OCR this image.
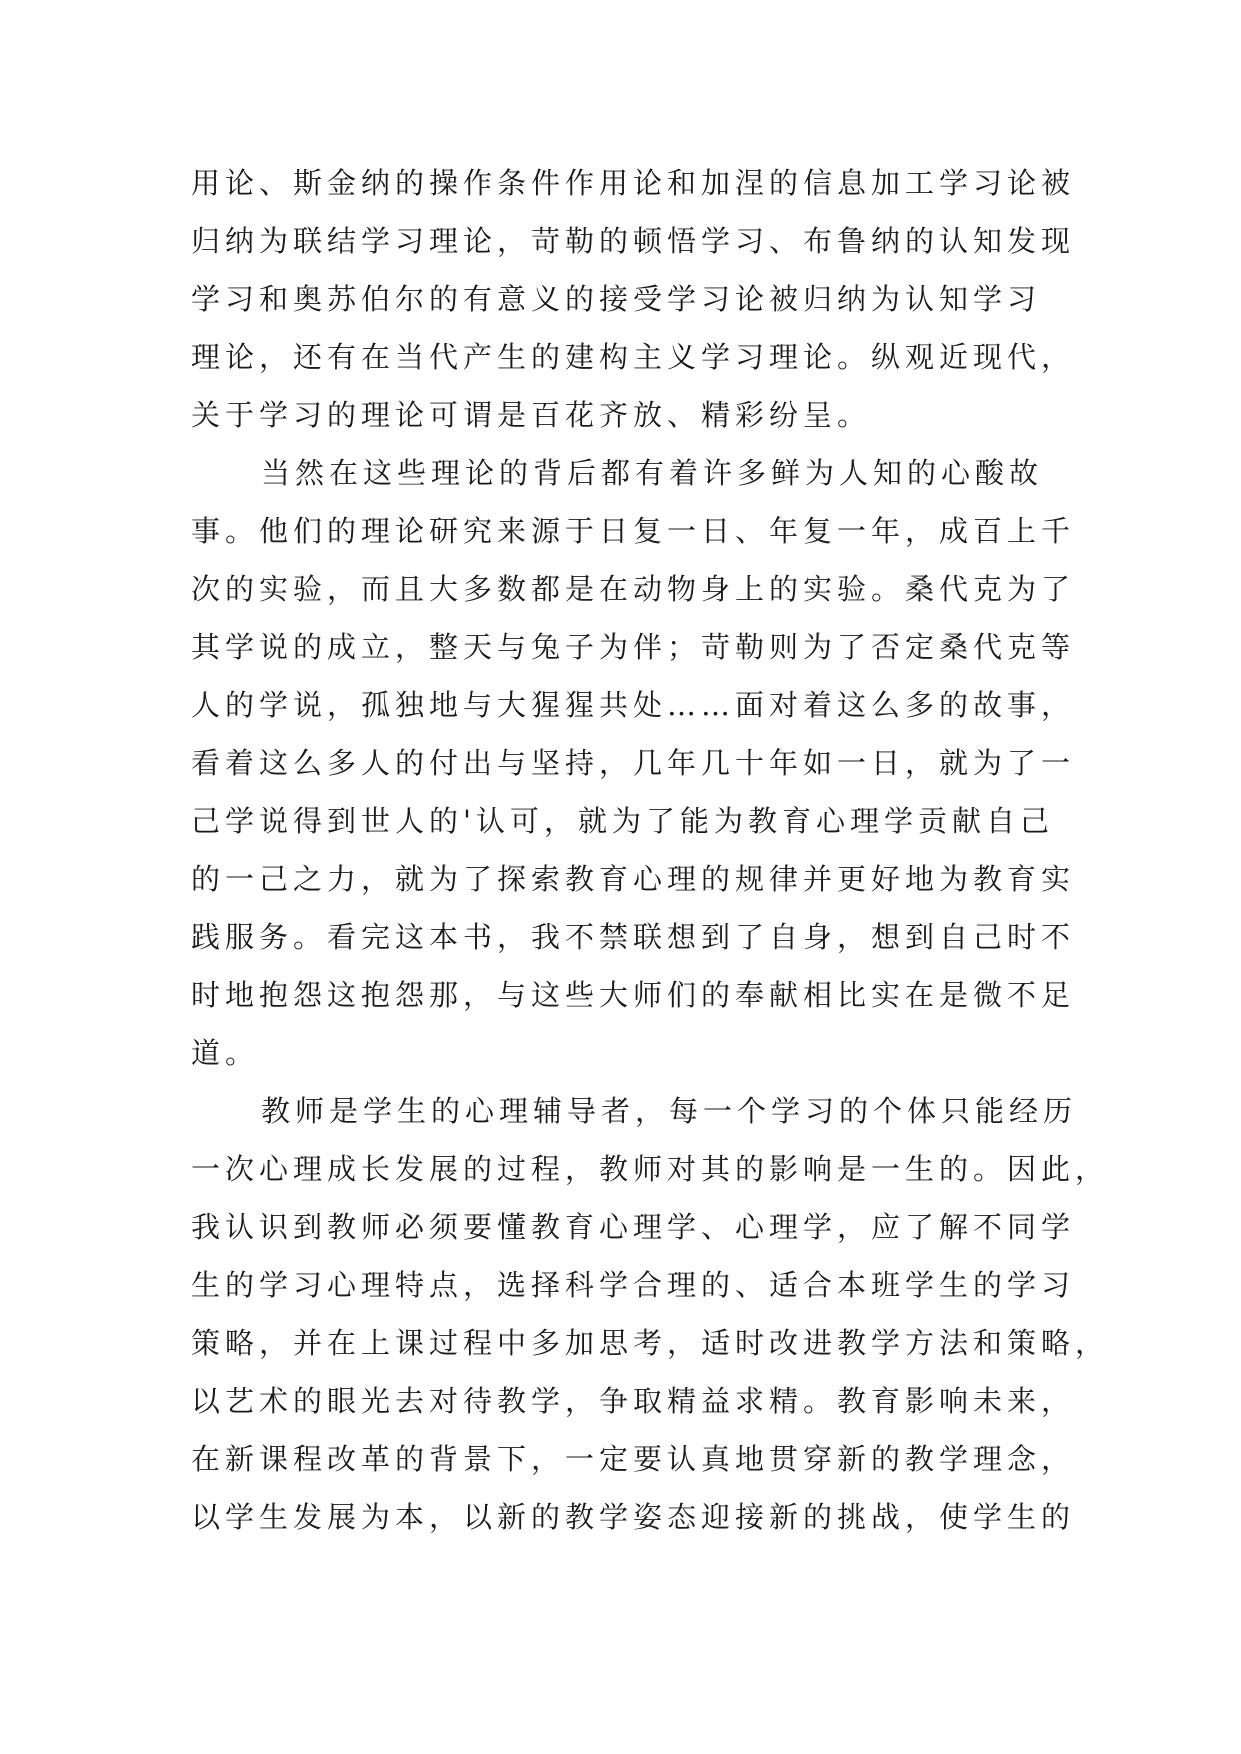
用论、斯金纳的操作条件作用论和加涅的信息加工学习论被
归纳为联结学习理论，苛勒的顿悟学习、布鲁纳的认知发现
学习和奥苏伯尔的有意义的接受学习论被归纳为认知学习
理论，还有在当代产生的建构主义学习理论。纵观近现代，
关于学习的理论可谓是百花齐放、精彩纷呈。
当然在这些理论的背后都有着许多鲜为人知的心酸故
事。他们的理论研究来源于日复一日、年复一年，成百上千
次的实验，而且大多数都是在动物身上的实验。桑代克为了
其学说的成立，整天与兔子为伴；苛勒则为了否定桑代克等
人的学说，孤独地与大猩猩共处……面对着这么多的故事，
看着这么多人的付出与坚持，几年几十年如一日，就为了一
己学说得到世人的'认可，就为了能为教育心理学贡献自己
的一己之力，就为了探索教育心理的规律并更好地为教育实
践服务。看完这本书，我不禁联想到了自身，想到自己时不
时地抱怨这抱怨那，与这些大师们的奉献相比实在是微不足
道。
教师是学生的心理辅导者，每一个学习的个体只能经历
一次心理成长发展的过程，教师对其的影响是一生的。因此，
我认识到教师必须要懂教育心理学、心理学，应了解不同学
生的学习心理特点，选择科学合理的、适合本班学生的学习
策略，并在上课过程中多加思考，适时改进教学方法和策略，
以艺术的眼光去对待教学，争取精益求精。教育影响未来，
在新课程改革的背景下，一定要认真地贯穿新的教学理念，
以学生发展为本，以新的教学姿态迎接新的挑战，使学生的
